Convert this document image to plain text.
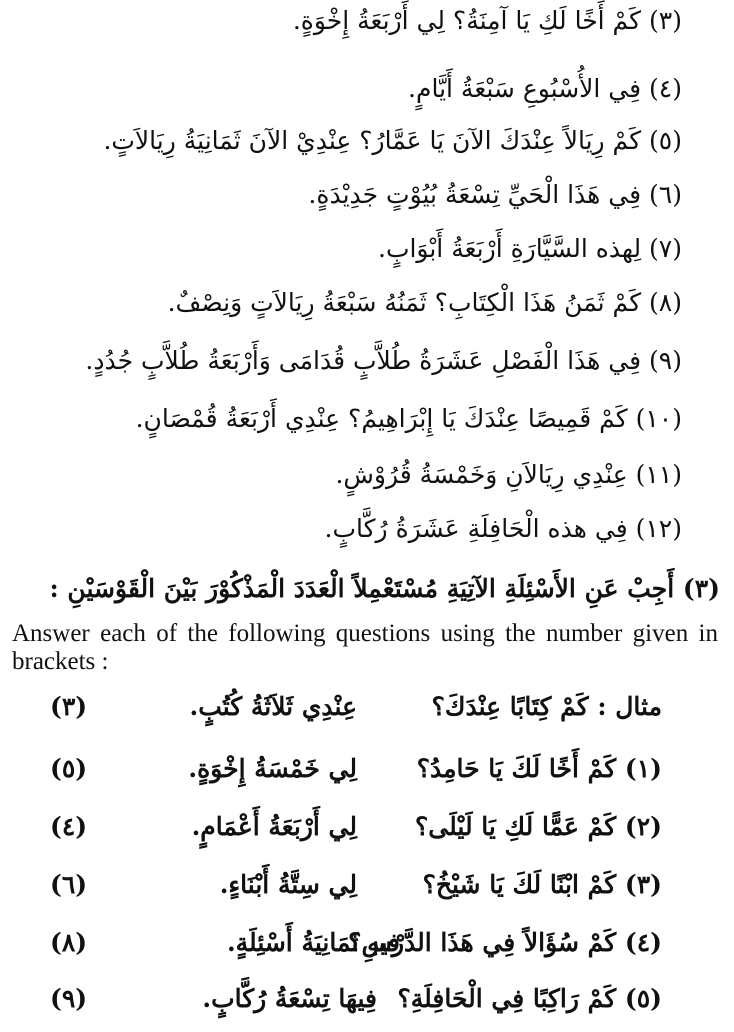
(٣) كَمْ أَخًا لَكِ يَا آمِنَةُ؟ لِي أَرْبَعَةُ إِخْوَةٍ.
(٤) فِي الأُسْبُوعِ سَبْعَةُ أَيَّامٍ.
(٥) كَمْ رِيَالاً عِنْدَكَ الآنَ يَا عَمَّارُ؟ عِنْدِيْ الآنَ ثَمَانِيَةُ رِيَالاَتٍ.
(٦) فِي هَذَا الْحَيِّ تِسْعَةُ بُيُوْتٍ جَدِيْدَةٍ.
(٧) لِهذه السَّيَّارَةِ أَرْبَعَةُ أَبْوَابٍ.
(٨) كَمْ ثَمَنُ هَذَا الْكِتَابِ؟ ثَمَنُهُ سَبْعَةُ رِيَالاَتٍ وَنِصْفٌ.
(٩) فِي هَذَا الْفَصْلِ عَشَرَةُ طُلاَّبٍ قُدَامَى وَأَرْبَعَةُ طُلاَّبٍ جُدُدٍ.
(١٠) كَمْ قَمِيصًا عِنْدَكَ يَا إِبْرَاهِيمُ؟ عِنْدِي أَرْبَعَةُ قُمْصَانٍ.
(١١) عِنْدِي رِيَالاَنِ وَخَمْسَةُ قُرُوْشٍ.
(١٢) فِي هذه الْحَافِلَةِ عَشَرَةُ رُكَّابٍ.
(٣) أَجِبْ عَنِ الأَسْئِلَةِ الآتِيَةِ مُسْتَعْمِلاً الْعَدَدَ الْمَذْكُوْرَ بَيْنَ الْقَوْسَيْنِ :
Answer each of the following questions using the number given in brackets :
مثال : كَمْ كِتَابًا عِنْدَكَ؟
عِنْدِي ثَلاَثَةُ كُتُبٍ.
(٣)
(١) كَمْ أَخًا لَكَ يَا حَامِدُ؟
لِي خَمْسَةُ إِخْوَةٍ.
(٥)
(٢) كَمْ عَمًّا لَكِ يَا لَيْلَى؟
لِي أَرْبَعَةُ أَعْمَامٍ.
(٤)
(٣) كَمْ ابْنًا لَكَ يَا شَيْخُ؟
لِي سِتَّةُ أَبْنَاءٍ.
(٦)
(٤) كَمْ سُؤَالاً فِي هَذَا الدَّرْسِ؟
فِيهِ ثَمَانِيَةُ أَسْئِلَةٍ.
(٨)
(٥) كَمْ رَاكِبًا فِي الْحَافِلَةِ؟
فِيهَا تِسْعَةُ رُكَّابٍ.
(٩)
